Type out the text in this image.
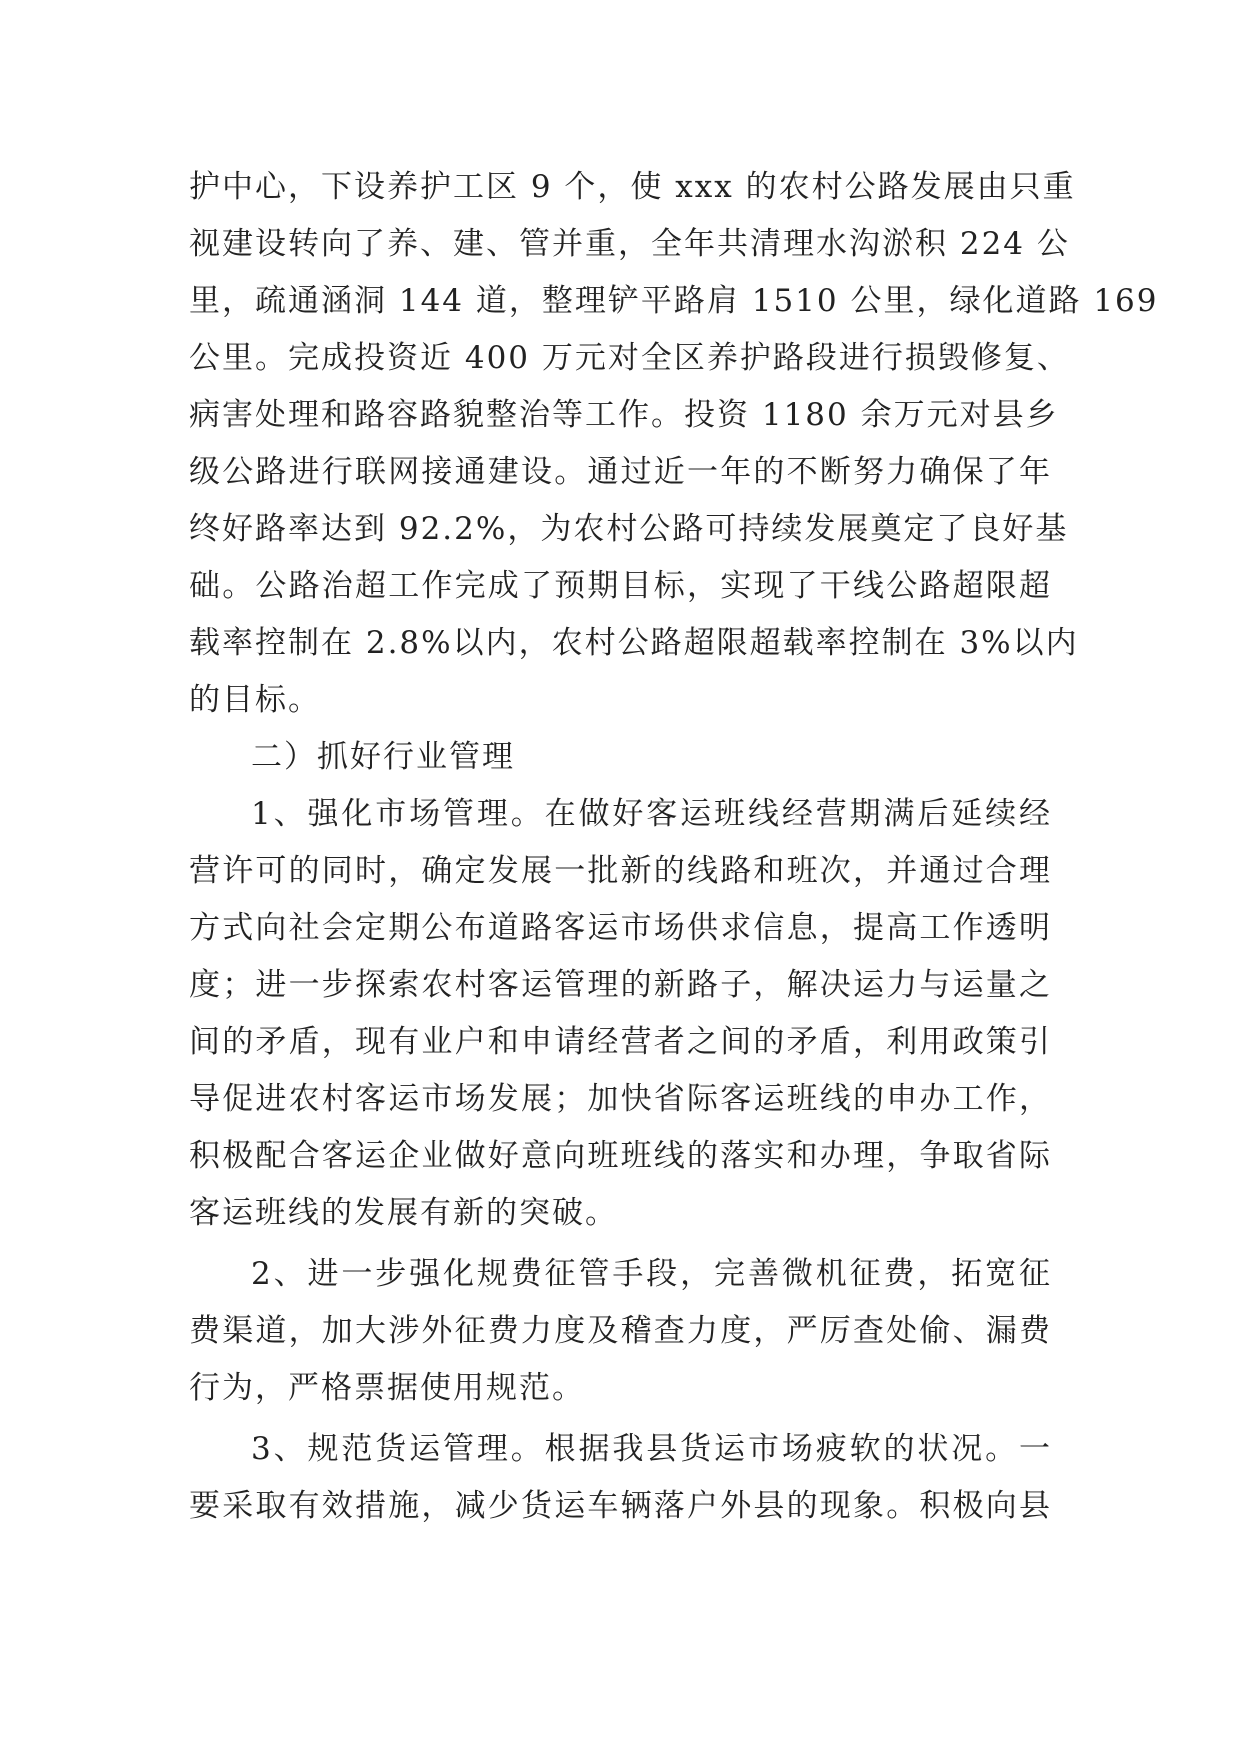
护中心，下设养护工区 9 个，使 xxx 的农村公路发展由只重
视建设转向了养、建、管并重，全年共清理水沟淤积 224 公
里，疏通涵洞 144 道，整理铲平路肩 1510 公里，绿化道路 169
公里。完成投资近 400 万元对全区养护路段进行损毁修复、
病害处理和路容路貌整治等工作。投资 1180 余万元对县乡
级公路进行联网接通建设。通过近一年的不断努力确保了年
终好路率达到 92.2%，为农村公路可持续发展奠定了良好基
础。公路治超工作完成了预期目标，实现了干线公路超限超
载率控制在 2.8%以内，农村公路超限超载率控制在 3%以内
的目标。
二）抓好行业管理
1、强化市场管理。在做好客运班线经营期满后延续经
营许可的同时，确定发展一批新的线路和班次，并通过合理
方式向社会定期公布道路客运市场供求信息，提高工作透明
度；进一步探索农村客运管理的新路子，解决运力与运量之
间的矛盾，现有业户和申请经营者之间的矛盾，利用政策引
导促进农村客运市场发展；加快省际客运班线的申办工作，
积极配合客运企业做好意向班班线的落实和办理，争取省际
客运班线的发展有新的突破。
2、进一步强化规费征管手段，完善微机征费，拓宽征
费渠道，加大涉外征费力度及稽查力度，严厉查处偷、漏费
行为，严格票据使用规范。
3、规范货运管理。根据我县货运市场疲软的状况。一
要采取有效措施，减少货运车辆落户外县的现象。积极向县
